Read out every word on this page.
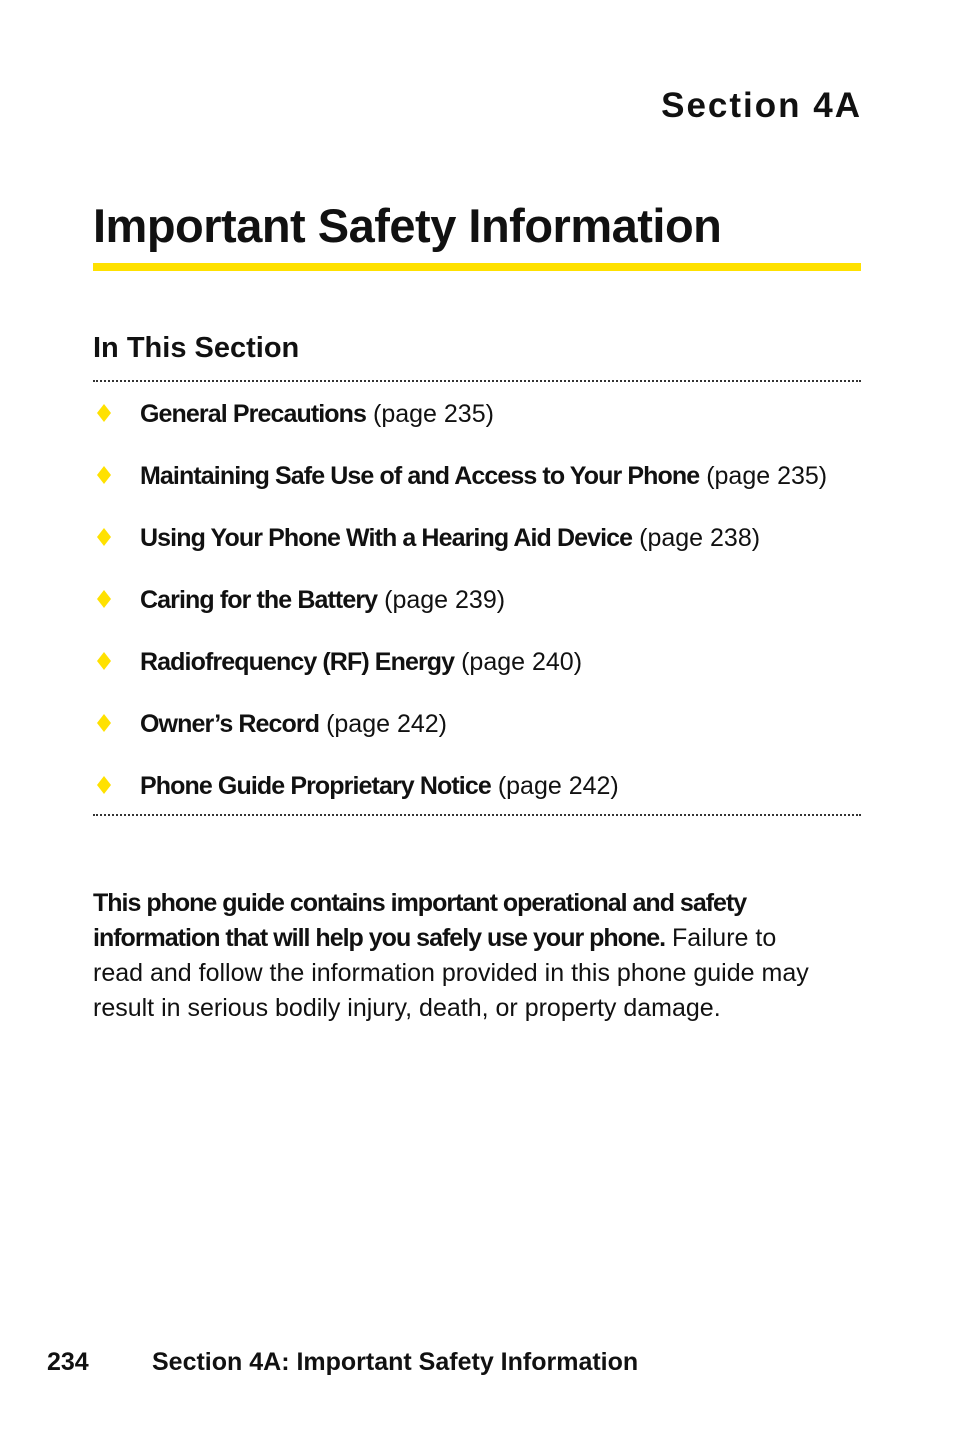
Section 4A
Important Safety Information
In This Section
General Precautions (page 235)
Maintaining Safe Use of and Access to Your Phone (page 235)
Using Your Phone With a Hearing Aid Device (page 238)
Caring for the Battery (page 239)
Radiofrequency (RF) Energy (page 240)
Owner’s Record (page 242)
Phone Guide Proprietary Notice (page 242)

This phone guide contains important operational and safety information that will help you safely use your phone. Failure to read and follow the information provided in this phone guide may result in serious bodily injury, death, or property damage.

234	Section 4A: Important Safety Information
